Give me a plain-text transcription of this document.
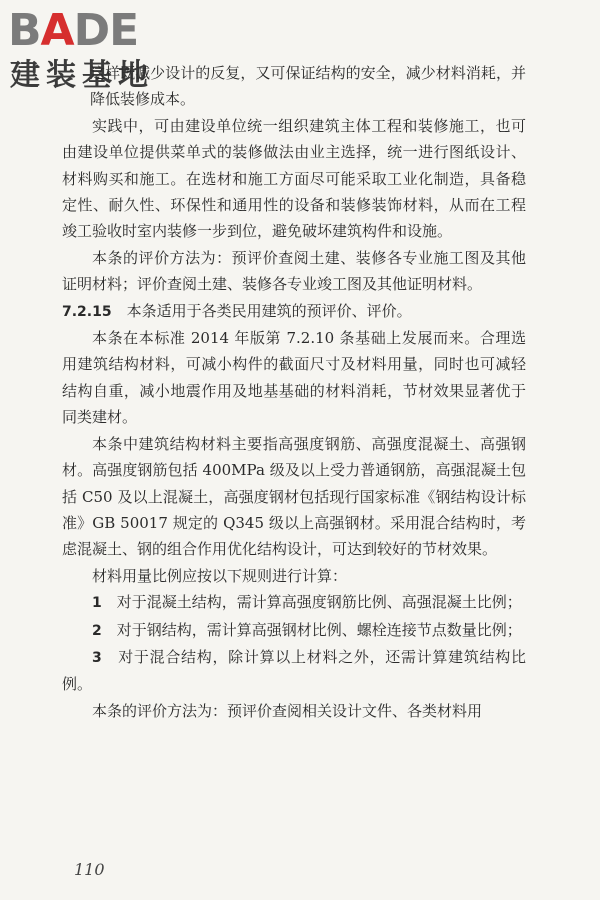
BADE
建装基地

这样既减少设计的反复，又可保证结构的安全，减少材料消耗，并降低装修成本。

实践中，可由建设单位统一组织建筑主体工程和装修施工，也可由建设单位提供菜单式的装修做法由业主选择，统一进行图纸设计、材料购买和施工。在选材和施工方面尽可能采取工业化制造，具备稳定性、耐久性、环保性和通用性的设备和装修装饰材料，从而在工程竣工验收时室内装修一步到位，避免破坏建筑构件和设施。

本条的评价方法为：预评价查阅土建、装修各专业施工图及其他证明材料；评价查阅土建、装修各专业竣工图及其他证明材料。

7.2.15　 本条适用于各类民用建筑的预评价、评价。

本条在本标准 2014 年版第 7.2.10 条基础上发展而来。合理选用建筑结构材料，可减小构件的截面尺寸及材料用量，同时也可减轻结构自重，减小地震作用及地基基础的材料消耗，节材效果显著优于同类建材。

本条中建筑结构材料主要指高强度钢筋、高强度混凝土、高强钢材。高强度钢筋包括 400MPa 级及以上受力普通钢筋，高强混凝土包括 C50 及以上混凝土，高强度钢材包括现行国家标准《钢结构设计标准》GB 50017 规定的 Q345 级以上高强钢材。采用混合结构时，考虑混凝土、钢的组合作用优化结构设计，可达到较好的节材效果。

材料用量比例应按以下规则进行计算：

1　 对于混凝土结构，需计算高强度钢筋比例、高强混凝土比例；

2　 对于钢结构，需计算高强钢材比例、螺栓连接节点数量比例；

3　 对于混合结构，除计算以上材料之外，还需计算建筑结构比例。

本条的评价方法为：预评价查阅相关设计文件、各类材料用

110
